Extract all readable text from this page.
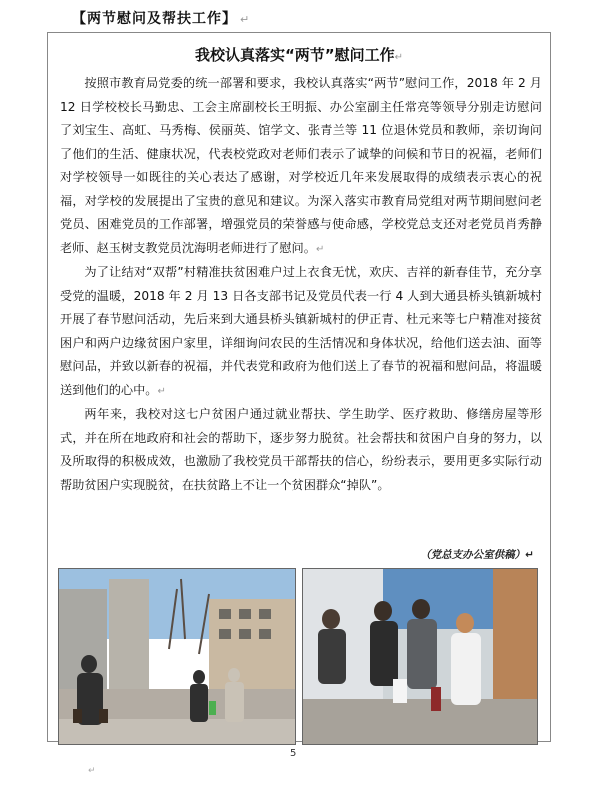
【两节慰问及帮扶工作】 ↵
我校认真落实“两节”慰问工作↵

按照市教育局党委的统一部署和要求，我校认真落实“两节”慰问工作，2018 年 2 月 12 日学校校长马勤忠、工会主席副校长王明振、办公室副主任常亮等领导分别走访慰问了刘宝生、高虹、马秀梅、侯丽英、馆学文、张青兰等 11 位退休党员和教师，亲切询问了他们的生活、健康状况，代表校党政对老师们表示了诚挚的问候和节日的祝福，老师们对学校领导一如既往的关心表达了感谢，对学校近几年来发展取得的成绩表示衷心的祝福，对学校的发展提出了宝贵的意见和建议。为深入落实市教育局党组对两节期间慰问老党员、困难党员的工作部署，增强党员的荣誉感与使命感，学校党总支还对老党员肖秀静老师、赵玉树支教党员沈海明老师进行了慰问。↵

为了让结对“双帮”村精准扶贫困难户过上衣食无忧，欢庆、吉祥的新春佳节，充分享受党的温暖，2018 年 2 月 13 日各支部书记及党员代表一行 4 人到大通县桥头镇新城村开展了春节慰问活动，先后来到大通县桥头镇新城村的伊正青、杜元来等七户精准对接贫困户和两户边缘贫困户家里，详细询问农民的生活情况和身体状况，给他们送去油、面等慰问品，并致以新春的祝福，并代表党和政府为他们送上了春节的祝福和慰问品，将温暖送到他们的心中。↵

两年来，我校对这七户贫困户通过就业帮扶、学生助学、医疗救助、修缮房屋等形式，并在所在地政府和社会的帮助下，逐步努力脱贫。社会帮扶和贫困户自身的努力，以及所取得的积极成效，也激励了我校党员干部帮扶的信心，纷纷表示，要用更多实际行动帮助贫困户实现脱贫，在扶贫路上不让一个贫困群众“掉队”。

（党总支办公室供稿）↵
5
↵
